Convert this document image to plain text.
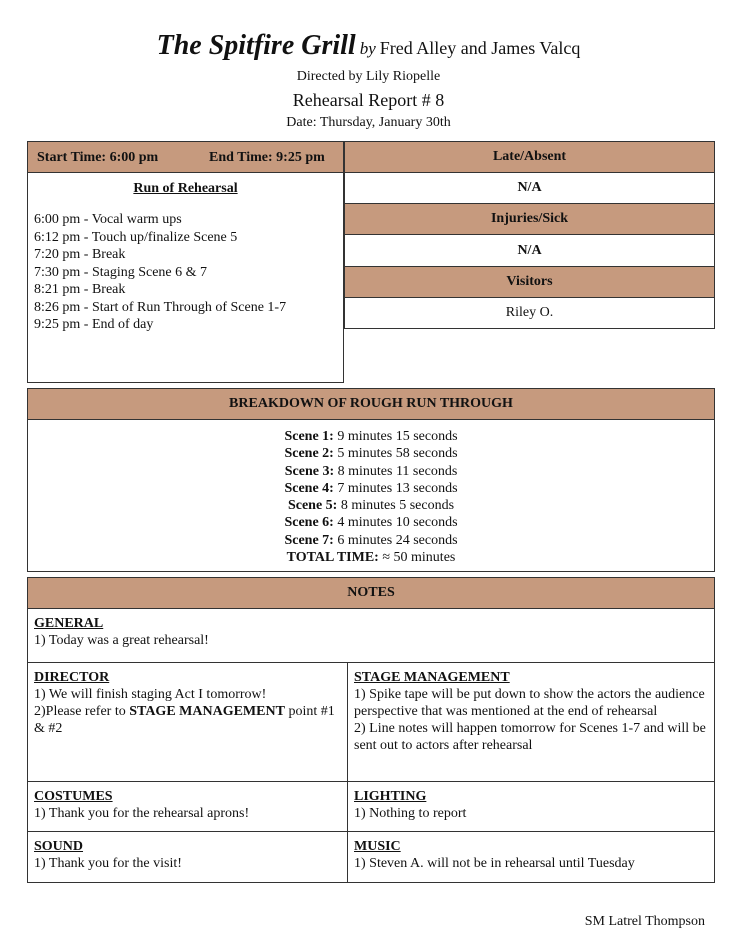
The Spitfire Grill by Fred Alley and James Valcq
Directed by Lily Riopelle
Rehearsal Report # 8
Date: Thursday, January 30th
Start Time: 6:00 pm	End Time: 9:25 pm
Run of Rehearsal
6:00 pm - Vocal warm ups
6:12 pm - Touch up/finalize Scene 5
7:20 pm - Break
7:30 pm - Staging Scene 6 & 7
8:21 pm - Break
8:26 pm - Start of Run Through of Scene 1-7
9:25 pm - End of day
Late/Absent
N/A
Injuries/Sick
N/A
Visitors
Riley O.
BREAKDOWN OF ROUGH RUN THROUGH
Scene 1: 9 minutes 15 seconds
Scene 2: 5 minutes 58 seconds
Scene 3: 8 minutes 11 seconds
Scene 4: 7 minutes 13 seconds
Scene 5: 8 minutes 5 seconds
Scene 6: 4 minutes 10 seconds
Scene 7: 6 minutes 24 seconds
TOTAL TIME: ≈ 50 minutes
NOTES
GENERAL
1) Today was a great rehearsal!
DIRECTOR
1) We will finish staging Act I tomorrow!
2)Please refer to STAGE MANAGEMENT point #1 & #2
STAGE MANAGEMENT
1) Spike tape will be put down to show the actors the audience perspective that was mentioned at the end of rehearsal
2) Line notes will happen tomorrow for Scenes 1-7 and will be sent out to actors after rehearsal
COSTUMES
1) Thank you for the rehearsal aprons!
LIGHTING
1) Nothing to report
SOUND
1) Thank you for the visit!
MUSIC
1) Steven A. will not be in rehearsal until Tuesday
SM Latrel Thompson
